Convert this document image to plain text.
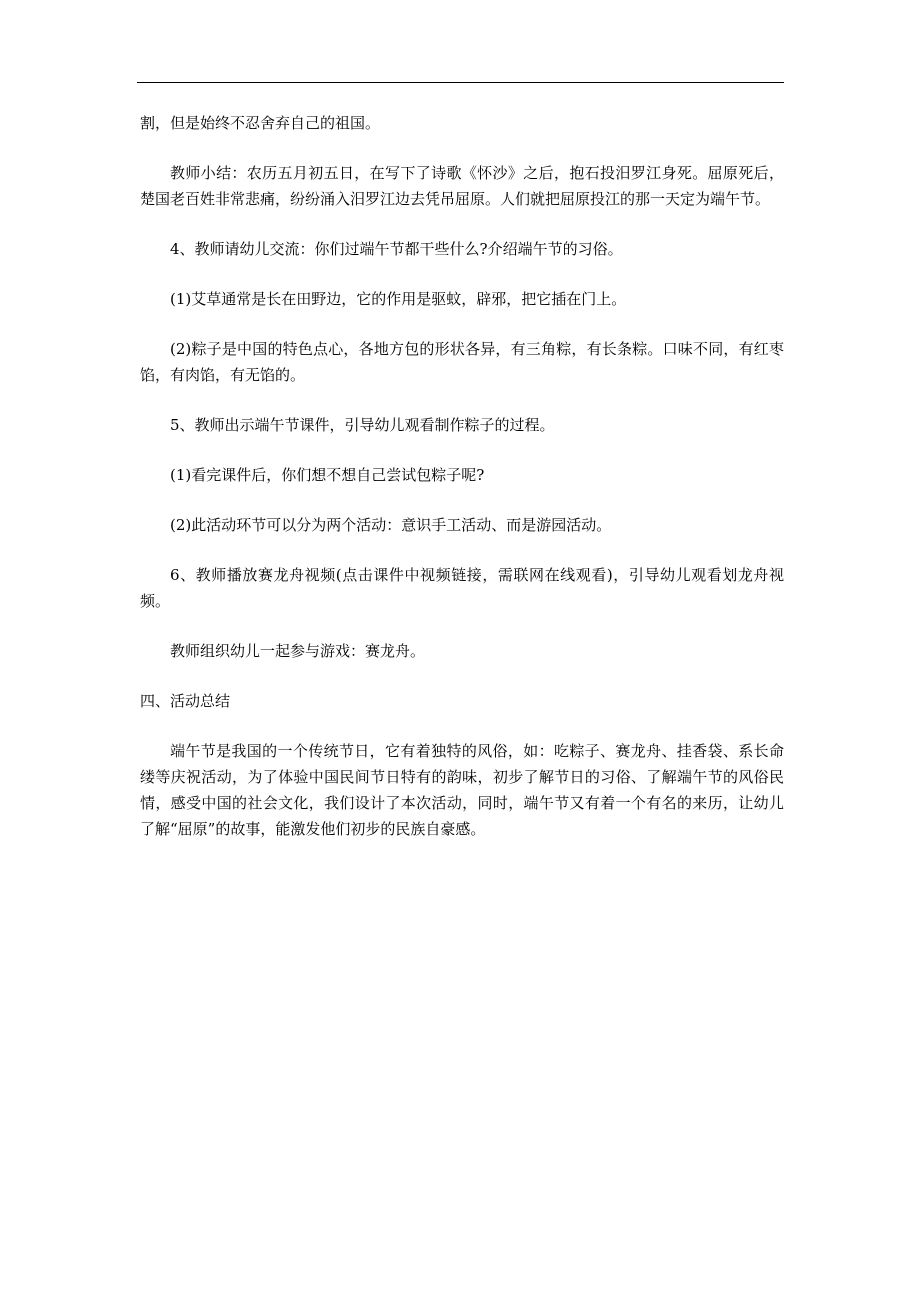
割，但是始终不忍舍弃自己的祖国。

教师小结：农历五月初五日，在写下了诗歌《怀沙》之后，抱石投汨罗江身死。屈原死后，楚国老百姓非常悲痛，纷纷涌入汨罗江边去凭吊屈原。人们就把屈原投江的那一天定为端午节。

4、教师请幼儿交流：你们过端午节都干些什么?介绍端午节的习俗。

(1)艾草通常是长在田野边，它的作用是驱蚊，辟邪，把它插在门上。

(2)粽子是中国的特色点心，各地方包的形状各异，有三角粽，有长条粽。口味不同，有红枣馅，有肉馅，有无馅的。

5、教师出示端午节课件，引导幼儿观看制作粽子的过程。

(1)看完课件后，你们想不想自己尝试包粽子呢?

(2)此活动环节可以分为两个活动：意识手工活动、而是游园活动。

6、教师播放赛龙舟视频(点击课件中视频链接，需联网在线观看)，引导幼儿观看划龙舟视频。

教师组织幼儿一起参与游戏：赛龙舟。

四、活动总结

端午节是我国的一个传统节日，它有着独特的风俗，如：吃粽子、赛龙舟、挂香袋、系长命缕等庆祝活动，为了体验中国民间节日特有的韵味，初步了解节日的习俗、了解端午节的风俗民情，感受中国的社会文化，我们设计了本次活动，同时，端午节又有着一个有名的来历，让幼儿了解“屈原”的故事，能激发他们初步的民族自豪感。
